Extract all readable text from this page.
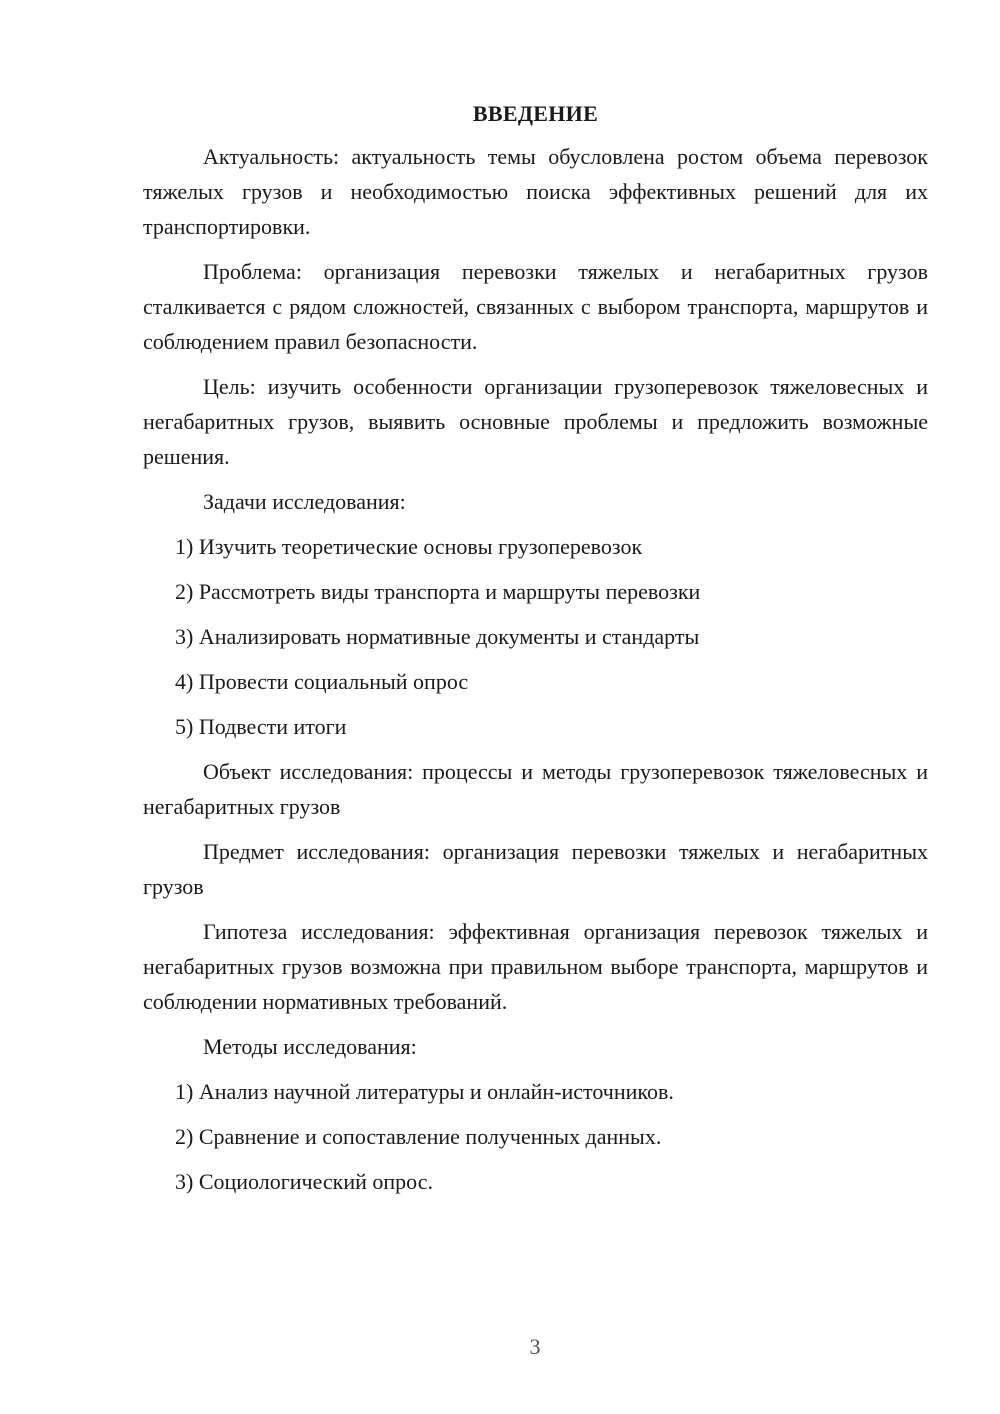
ВВЕДЕНИЕ
Актуальность: актуальность темы обусловлена ростом объема перевозок тяжелых грузов и необходимостью поиска эффективных решений для их транспортировки.
Проблема: организация перевозки тяжелых и негабаритных грузов сталкивается с рядом сложностей, связанных с выбором транспорта, маршрутов и соблюдением правил безопасности.
Цель: изучить особенности организации грузоперевозок тяжеловесных и негабаритных грузов, выявить основные проблемы и предложить возможные решения.
Задачи исследования:
1) Изучить теоретические основы грузоперевозок
2) Рассмотреть виды транспорта и маршруты перевозки
3) Анализировать нормативные документы и стандарты
4) Провести социальный опрос
5) Подвести итоги
Объект исследования: процессы и методы грузоперевозок тяжеловесных и негабаритных грузов
Предмет исследования: организация перевозки тяжелых и негабаритных грузов
Гипотеза исследования: эффективная организация перевозок тяжелых и негабаритных грузов возможна при правильном выборе транспорта, маршрутов и соблюдении нормативных требований.
Методы исследования:
1) Анализ научной литературы и онлайн-источников.
2) Сравнение и сопоставление полученных данных.
3) Социологический опрос.
3
